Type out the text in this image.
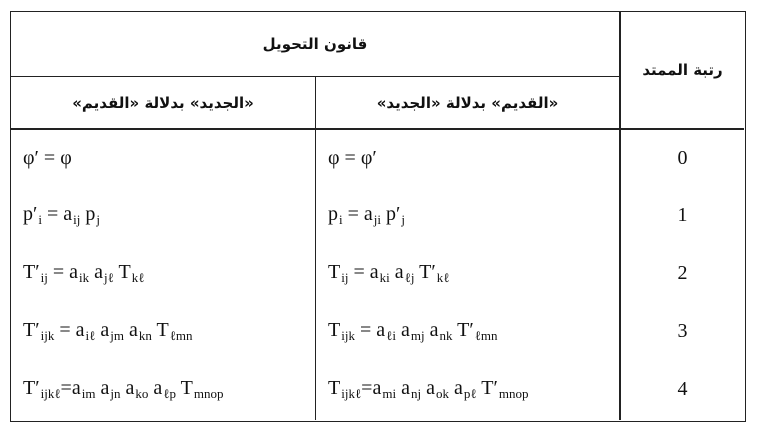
قانون التحويل
رتبة الممتد
«الجديد» بدلالة «القديم»	«القديم» بدلالة «الجديد»
φ′ = φ	φ = φ′	0
$p'_i = a_{ij}$ $p_j$	$p_i = a_{ji}$ $p'_j$	1
$T'_{ij} = a_{ik}$ $a_{j\ell}$ $T_{k\ell}$	$T_{ij} = a_{ki}$ $a_{\ell j}$ $T'_{k\ell}$	2
$T'_{ijk} = a_{i\ell}$ $a_{jm}$ $a_{kn}$ $T_{\ell mn}$	$T_{ijk} = a_{\ell i}$ $a_{mj}$ $a_{nk}$ $T'_{\ell mn}$	3
$T'_{ijk\ell}=a_{im}$ $a_{jn}$ $a_{ko}$ $a_{\ell p}$ $T_{mnop}$	$T_{ijk\ell}=a_{mi}$ $a_{nj}$ $a_{ok}$ $a_{p\ell}$ $T'_{mnop}$	4
